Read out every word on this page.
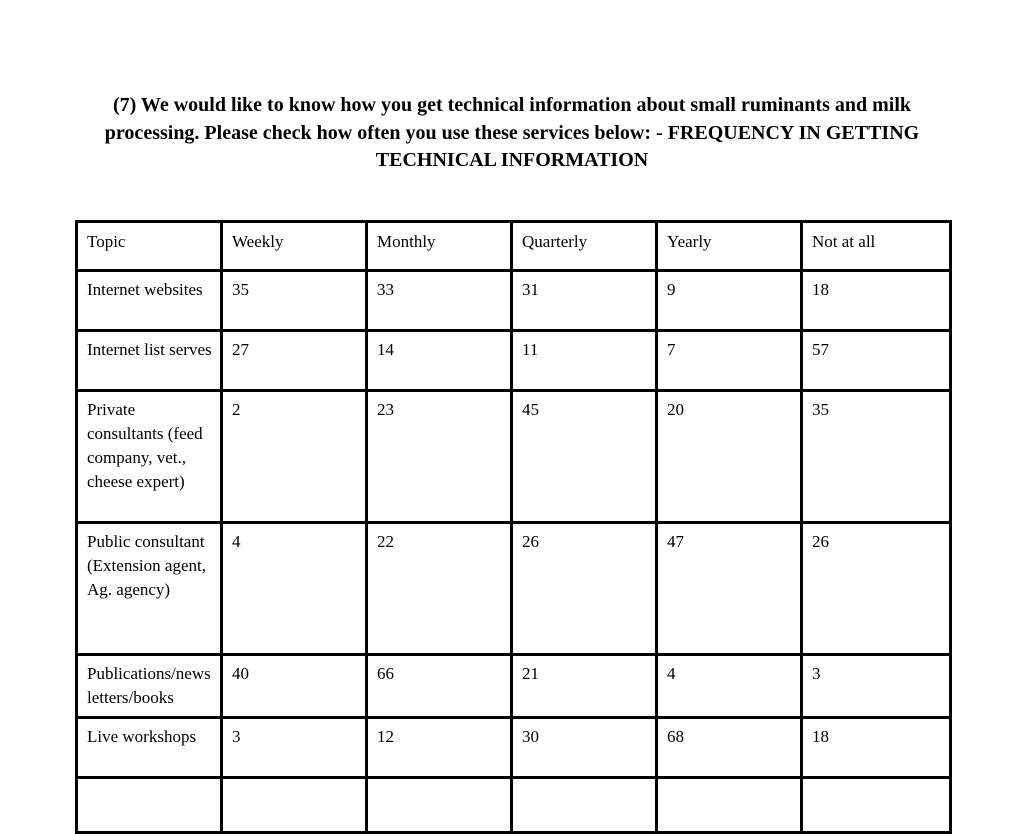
(7) We would like to know how you get technical information about small ruminants and milk processing. Please check how often you use these services below: - FREQUENCY IN GETTING TECHNICAL INFORMATION
Topic	Weekly	Monthly	Quarterly	Yearly	Not at all
Internet websites	35	33	31	9	18
Internet list serves	27	14	11	7	57
Private consultants (feed company, vet., cheese expert)	2	23	45	20	35
Public consultant (Extension agent, Ag. agency)	4	22	26	47	26
Publications/newsletters/books	40	66	21	4	3
Live workshops	3	12	30	68	18
